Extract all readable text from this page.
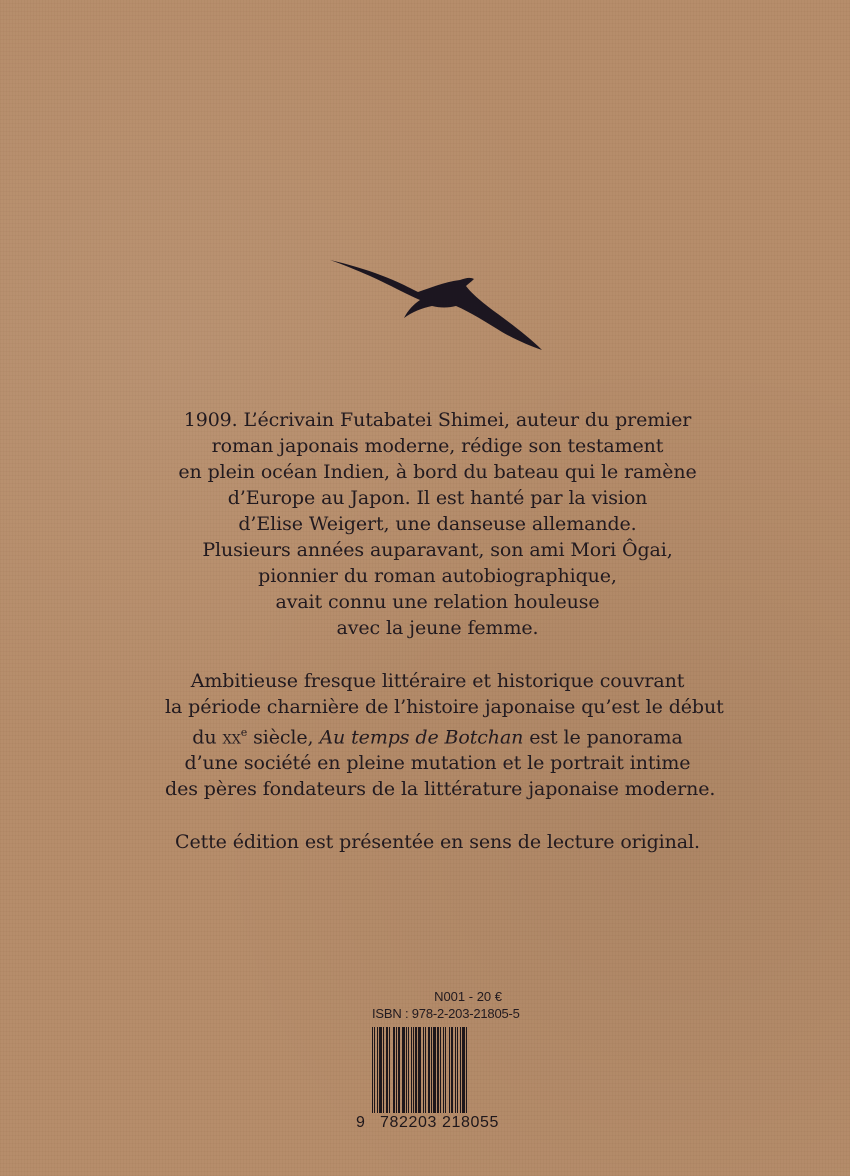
1909. L’écrivain Futabatei Shimei, auteur du premier
roman japonais moderne, rédige son testament
en plein océan Indien, à bord du bateau qui le ramène
d’Europe au Japon. Il est hanté par la vision
d’Elise Weigert, une danseuse allemande.
Plusieurs années auparavant, son ami Mori Ôgai,
pionnier du roman autobiographique,
avait connu une relation houleuse
avec la jeune femme.

Ambitieuse fresque littéraire et historique couvrant
la période charnière de l’histoire japonaise qu’est le début
du $xx^e$ siècle, Au temps de Botchan est le panorama
d’une société en pleine mutation et le portrait intime
des pères fondateurs de la littérature japonaise moderne.

Cette édition est présentée en sens de lecture original.

N001 - 20 €
ISBN : 978-2-203-21805-5
9 782203 218055
